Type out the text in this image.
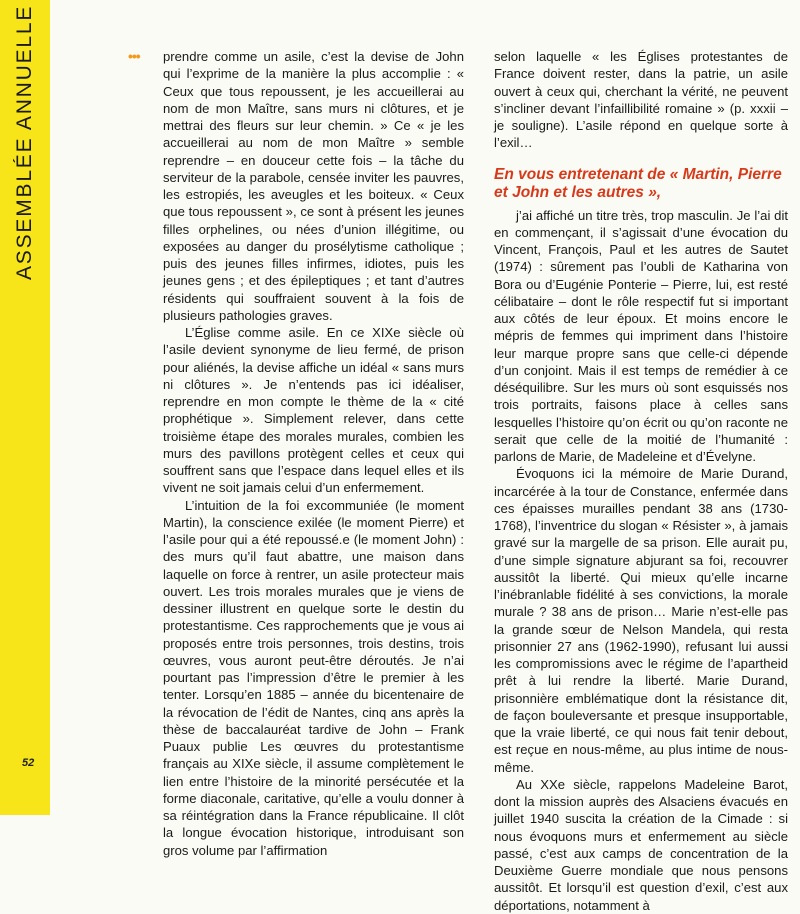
ASSEMBLÉE ANNUELLE
52
••• prendre comme un asile, c’est la devise de John qui l’exprime de la manière la plus accomplie : « Ceux que tous repoussent, je les accueillerai au nom de mon Maître, sans murs ni clôtures, et je mettrai des fleurs sur leur chemin. » Ce « je les accueillerai au nom de mon Maître » semble reprendre – en douceur cette fois – la tâche du serviteur de la parabole, censée inviter les pauvres, les estropiés, les aveugles et les boiteux. « Ceux que tous repoussent », ce sont à présent les jeunes filles orphelines, ou nées d’union illégitime, ou exposées au danger du prosélytisme catholique ; puis des jeunes filles infirmes, idiotes, puis les jeunes gens ; et des épileptiques ; et tant d’autres résidents qui souffraient souvent à la fois de plusieurs pathologies graves.

L’Église comme asile. En ce XIXe siècle où l’asile devient synonyme de lieu fermé, de prison pour aliénés, la devise affiche un idéal « sans murs ni clôtures ». Je n’entends pas ici idéaliser, reprendre en mon compte le thème de la « cité prophétique ». Simplement relever, dans cette troisième étape des morales murales, combien les murs des pavillons protègent celles et ceux qui souffrent sans que l’espace dans lequel elles et ils vivent ne soit jamais celui d’un enfermement.

L’intuition de la foi excommuniée (le moment Martin), la conscience exilée (le moment Pierre) et l’asile pour qui a été repoussé.e (le moment John) : des murs qu’il faut abattre, une maison dans laquelle on force à rentrer, un asile protecteur mais ouvert. Les trois morales murales que je viens de dessiner illustrent en quelque sorte le destin du protestantisme. Ces rapprochements que je vous ai proposés entre trois personnes, trois destins, trois œuvres, vous auront peut-être déroutés. Je n’ai pourtant pas l’impression d’être le premier à les tenter. Lorsqu’en 1885 – année du bicentenaire de la révocation de l’édit de Nantes, cinq ans après la thèse de baccalauréat tardive de John – Frank Puaux publie Les œuvres du protestantisme français au XIXe siècle, il assume complètement le lien entre l’histoire de la minorité persécutée et la forme diaconale, caritative, qu’elle a voulu donner à sa réintégration dans la France républicaine. Il clôt la longue évocation historique, introduisant son gros volume par l’affirmation

selon laquelle « les Églises protestantes de France doivent rester, dans la patrie, un asile ouvert à ceux qui, cherchant la vérité, ne peuvent s’incliner devant l’infaillibilité romaine » (p. xxxii – je souligne). L’asile répond en quelque sorte à l’exil…

En vous entretenant de « Martin, Pierre et John et les autres »,

j’ai affiché un titre très, trop masculin. Je l’ai dit en commençant, il s’agissait d’une évocation du Vincent, François, Paul et les autres de Sautet (1974) : sûrement pas l’oubli de Katharina von Bora ou d’Eugénie Ponterie – Pierre, lui, est resté célibataire – dont le rôle respectif fut si important aux côtés de leur époux. Et moins encore le mépris de femmes qui impriment dans l’histoire leur marque propre sans que celle-ci dépende d’un conjoint. Mais il est temps de remédier à ce déséquilibre. Sur les murs où sont esquissés nos trois portraits, faisons place à celles sans lesquelles l’histoire qu’on écrit ou qu’on raconte ne serait que celle de la moitié de l’humanité : parlons de Marie, de Madeleine et d’Évelyne.

Évoquons ici la mémoire de Marie Durand, incarcérée à la tour de Constance, enfermée dans ces épaisses murailles pendant 38 ans (1730-1768), l’inventrice du slogan « Résister », à jamais gravé sur la margelle de sa prison. Elle aurait pu, d’une simple signature abjurant sa foi, recouvrer aussitôt la liberté. Qui mieux qu’elle incarne l’inébranlable fidélité à ses convictions, la morale murale ? 38 ans de prison… Marie n’est-elle pas la grande sœur de Nelson Mandela, qui resta prisonnier 27 ans (1962-1990), refusant lui aussi les compromissions avec le régime de l’apartheid prêt à lui rendre la liberté. Marie Durand, prisonnière emblématique dont la résistance dit, de façon bouleversante et presque insupportable, que la vraie liberté, ce qui nous fait tenir debout, est reçue en nous-même, au plus intime de nous-même.

Au XXe siècle, rappelons Madeleine Barot, dont la mission auprès des Alsaciens évacués en juillet 1940 suscita la création de la Cimade : si nous évoquons murs et enfermement au siècle passé, c’est aux camps de concentration de la Deuxième Guerre mondiale que nous pensons aussitôt. Et lorsqu’il est question d’exil, c’est aux déportations, notamment à
